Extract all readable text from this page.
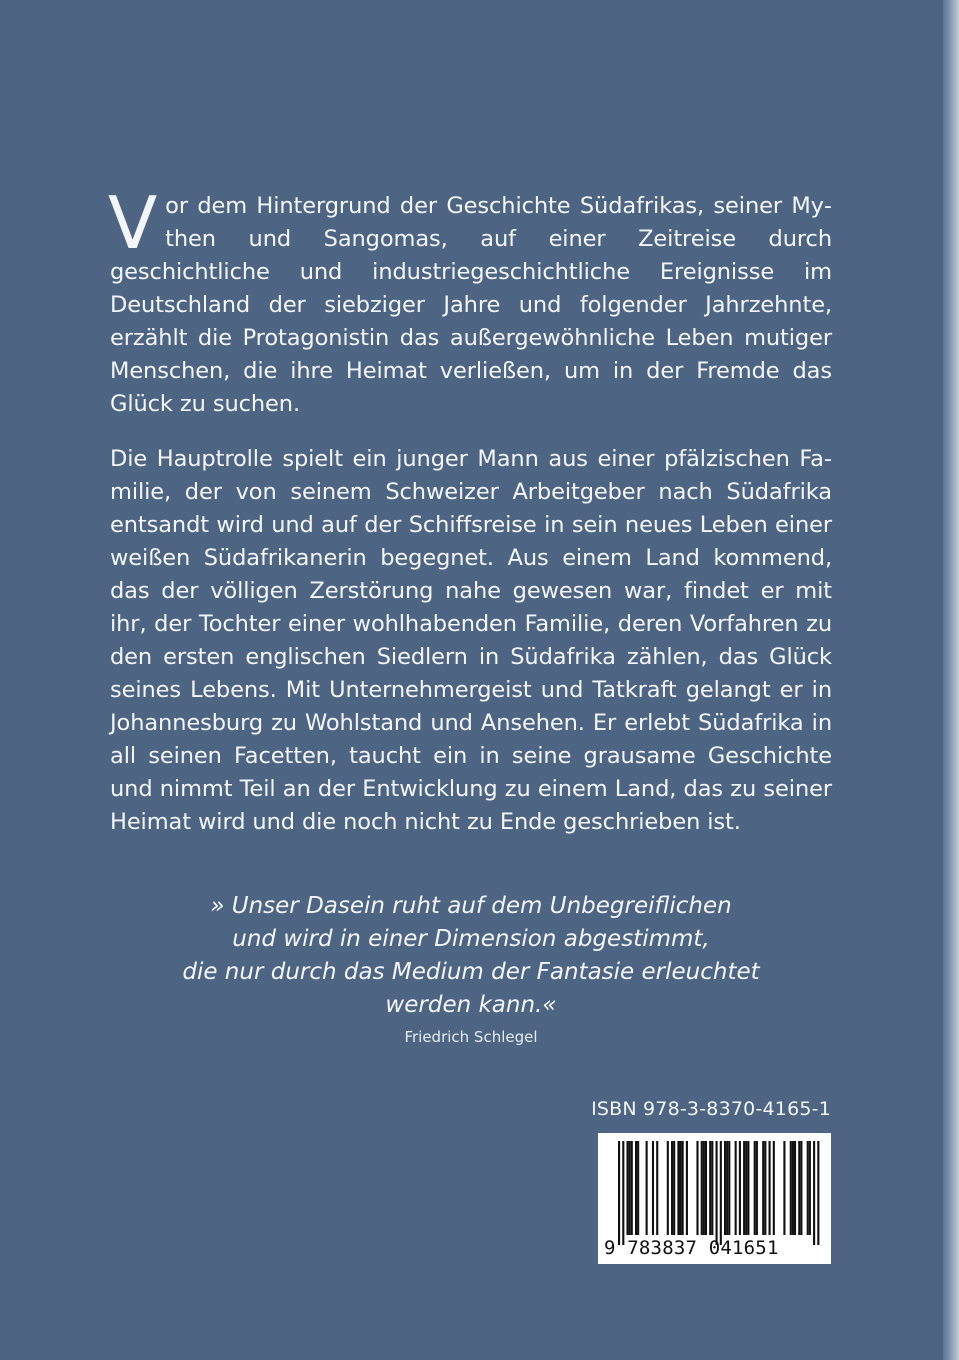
Vor dem Hintergrund der Geschichte Südafrikas, seiner Mythen und Sangomas, auf einer Zeitreise durch geschichtliche und industriegeschichtliche Ereignisse im Deutschland der siebziger Jahre und folgender Jahrzehnte, erzählt die Protagonistin das außergewöhnliche Leben mutiger Menschen, die ihre Heimat verließen, um in der Fremde das Glück zu suchen.

Die Hauptrolle spielt ein junger Mann aus einer pfälzischen Familie, der von seinem Schweizer Arbeitgeber nach Südafrika entsandt wird und auf der Schiffsreise in sein neues Leben einer weißen Südafrikanerin begegnet. Aus einem Land kommend, das der völligen Zerstörung nahe gewesen war, findet er mit ihr, der Tochter einer wohlhabenden Familie, deren Vorfahren zu den ersten englischen Siedlern in Südafrika zählen, das Glück seines Lebens. Mit Unternehmergeist und Tatkraft gelangt er in Johannesburg zu Wohlstand und Ansehen. Er erlebt Südafrika in all seinen Facetten, taucht ein in seine grausame Geschichte und nimmt Teil an der Entwicklung zu einem Land, das zu seiner Heimat wird und die noch nicht zu Ende geschrieben ist.

» Unser Dasein ruht auf dem Unbegreiflichen
und wird in einer Dimension abgestimmt,
die nur durch das Medium der Fantasie erleuchtet
werden kann.«
Friedrich Schlegel
ISBN 978-3-8370-4165-1
9 783837 041651
